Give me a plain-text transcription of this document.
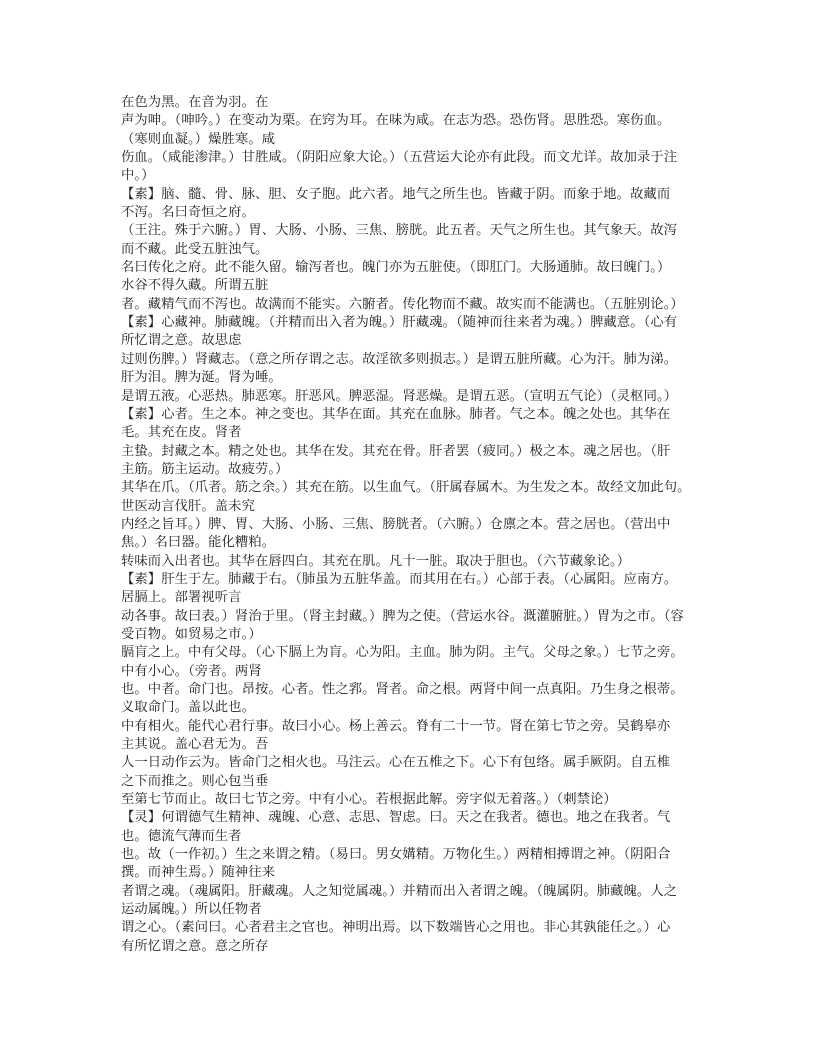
在色为黑。在音为羽。在
声为呻。（呻吟。）在变动为栗。在窍为耳。在味为咸。在志为恐。恐伤肾。思胜恐。寒伤血。
（寒则血凝。）燥胜寒。咸
伤血。（咸能渗津。）甘胜咸。（阴阳应象大论。）（五营运大论亦有此段。而文尤详。故加录于注
中。）
【素】脑、髓、骨、脉、胆、女子胞。此六者。地气之所生也。皆藏于阴。而象于地。故藏而
不泻。名曰奇恒之府。
（王注。殊于六腑。）胃、大肠、小肠、三焦、膀胱。此五者。天气之所生也。其气象天。故泻
而不藏。此受五脏浊气。
名曰传化之府。此不能久留。输泻者也。魄门亦为五脏使。（即肛门。大肠通肺。故曰魄门。）
水谷不得久藏。所谓五脏
者。藏精气而不泻也。故满而不能实。六腑者。传化物而不藏。故实而不能满也。（五脏别论。）
【素】心藏神。肺藏魄。（并精而出入者为魄。）肝藏魂。（随神而往来者为魂。）脾藏意。（心有
所忆谓之意。故思虑
过则伤脾。）肾藏志。（意之所存谓之志。故淫欲多则损志。）是谓五脏所藏。心为汗。肺为涕。
肝为泪。脾为涎。肾为唾。
是谓五液。心恶热。肺恶寒。肝恶风。脾恶湿。肾恶燥。是谓五恶。（宣明五气论）（灵枢同。）
【素】心者。生之本。神之变也。其华在面。其充在血脉。肺者。气之本。魄之处也。其华在
毛。其充在皮。肾者
主蛰。封藏之本。精之处也。其华在发。其充在骨。肝者罢（疲同。）极之本。魂之居也。（肝
主筋。筋主运动。故疲劳。）
其华在爪。（爪者。筋之余。）其充在筋。以生血气。（肝属春属木。为生发之本。故经文加此句。
世医动言伐肝。盖未究
内经之旨耳。）脾、胃、大肠、小肠、三焦、膀胱者。（六腑。）仓廪之本。营之居也。（营出中
焦。）名曰器。能化糟粕。
转味而入出者也。其华在唇四白。其充在肌。凡十一脏。取决于胆也。（六节藏象论。）
【素】肝生于左。肺藏于右。（肺虽为五脏华盖。而其用在右。）心部于表。（心属阳。应南方。
居膈上。部署视听言
动各事。故曰表。）肾治于里。（肾主封藏。）脾为之使。（营运水谷。溉灌腑脏。）胃为之市。（容
受百物。如贸易之市。）
膈肓之上。中有父母。（心下膈上为肓。心为阳。主血。肺为阴。主气。父母之象。）七节之旁。
中有小心。（旁者。两肾
也。中者。命门也。昂按。心者。性之郛。肾者。命之根。两肾中间一点真阳。乃生身之根蒂。
义取命门。盖以此也。
中有相火。能代心君行事。故曰小心。杨上善云。脊有二十一节。肾在第七节之旁。吴鹤皋亦
主其说。盖心君无为。吾
人一日动作云为。皆命门之相火也。马注云。心在五椎之下。心下有包络。属手厥阴。自五椎
之下而推之。则心包当垂
至第七节而止。故曰七节之旁。中有小心。若根据此解。旁字似无着落。）（刺禁论）
【灵】何谓德气生精神、魂魄、心意、志思、智虑。曰。天之在我者。德也。地之在我者。气
也。德流气薄而生者
也。故（一作初。）生之来谓之精。（易曰。男女媾精。万物化生。）两精相搏谓之神。（阴阳合
撰。而神生焉。）随神往来
者谓之魂。（魂属阳。肝藏魂。人之知觉属魂。）并精而出入者谓之魄。（魄属阴。肺藏魄。人之
运动属魄。）所以任物者
谓之心。（素问曰。心者君主之官也。神明出焉。以下数端皆心之用也。非心其孰能任之。）心
有所忆谓之意。意之所存
